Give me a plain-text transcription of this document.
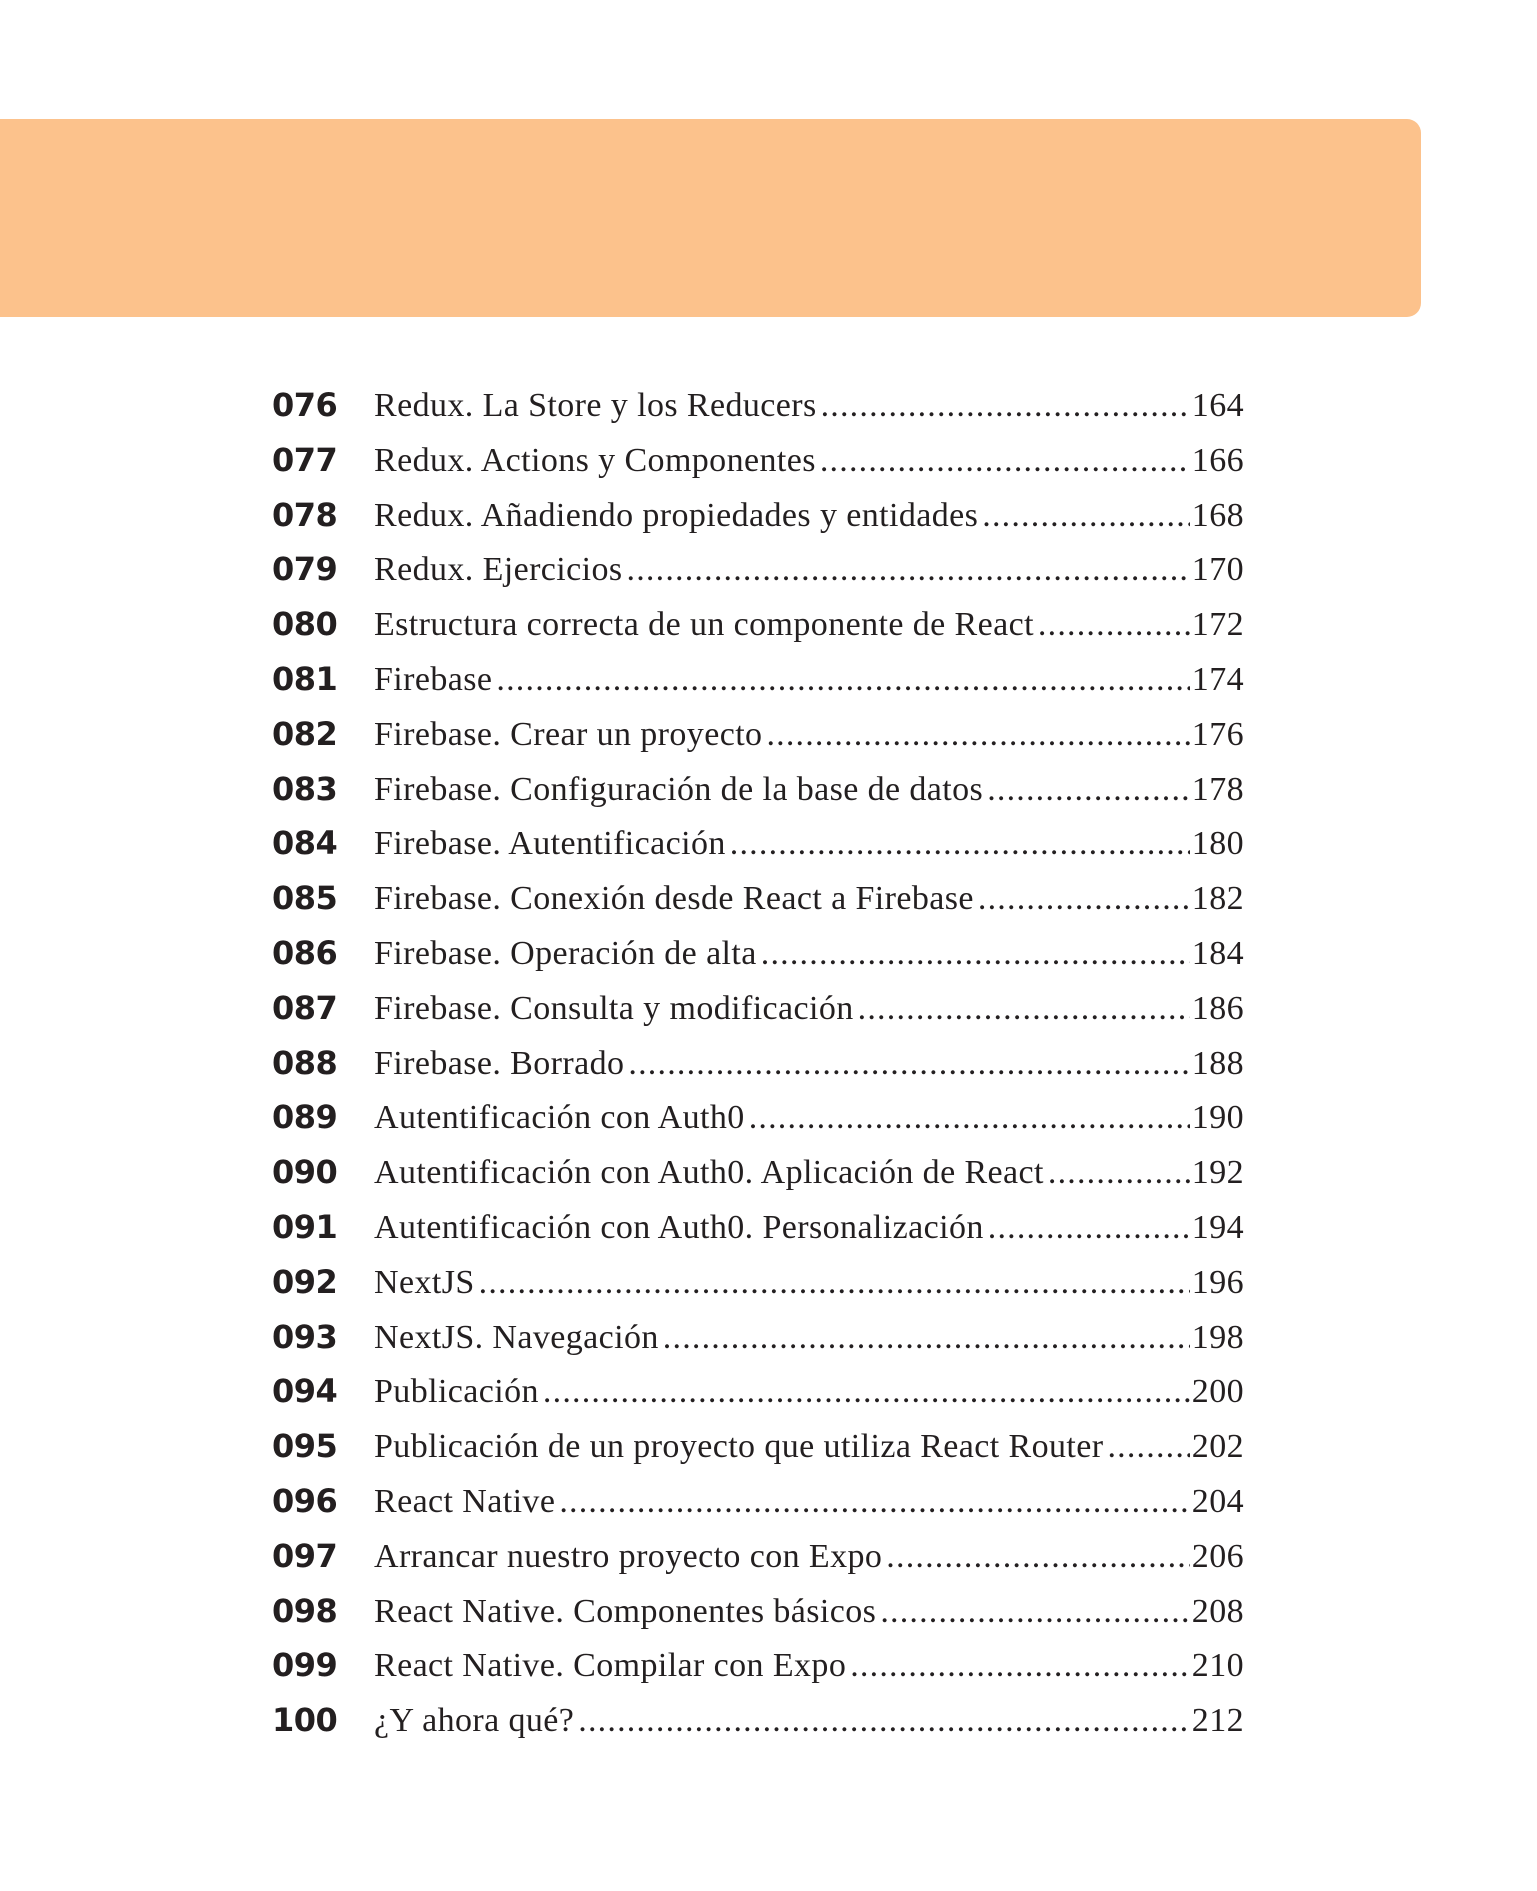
076	Redux. La Store y los Reducers .....	164
077	Redux. Actions y Componentes .....	166
078	Redux. Añadiendo propiedades y entidades .....	168
079	Redux. Ejercicios .....	170
080	Estructura correcta de un componente de React .....	172
081	Firebase .....	174
082	Firebase. Crear un proyecto .....	176
083	Firebase. Configuración de la base de datos .....	178
084	Firebase. Autentificación .....	180
085	Firebase. Conexión desde React a Firebase .....	182
086	Firebase. Operación de alta .....	184
087	Firebase. Consulta y modificación .....	186
088	Firebase. Borrado .....	188
089	Autentificación con Auth0 .....	190
090	Autentificación con Auth0. Aplicación de React .....	192
091	Autentificación con Auth0. Personalización .....	194
092	NextJS .....	196
093	NextJS. Navegación .....	198
094	Publicación .....	200
095	Publicación de un proyecto que utiliza React Router .....	202
096	React Native .....	204
097	Arrancar nuestro proyecto con Expo .....	206
098	React Native. Componentes básicos .....	208
099	React Native. Compilar con Expo .....	210
100	¿Y ahora qué? .....	212
